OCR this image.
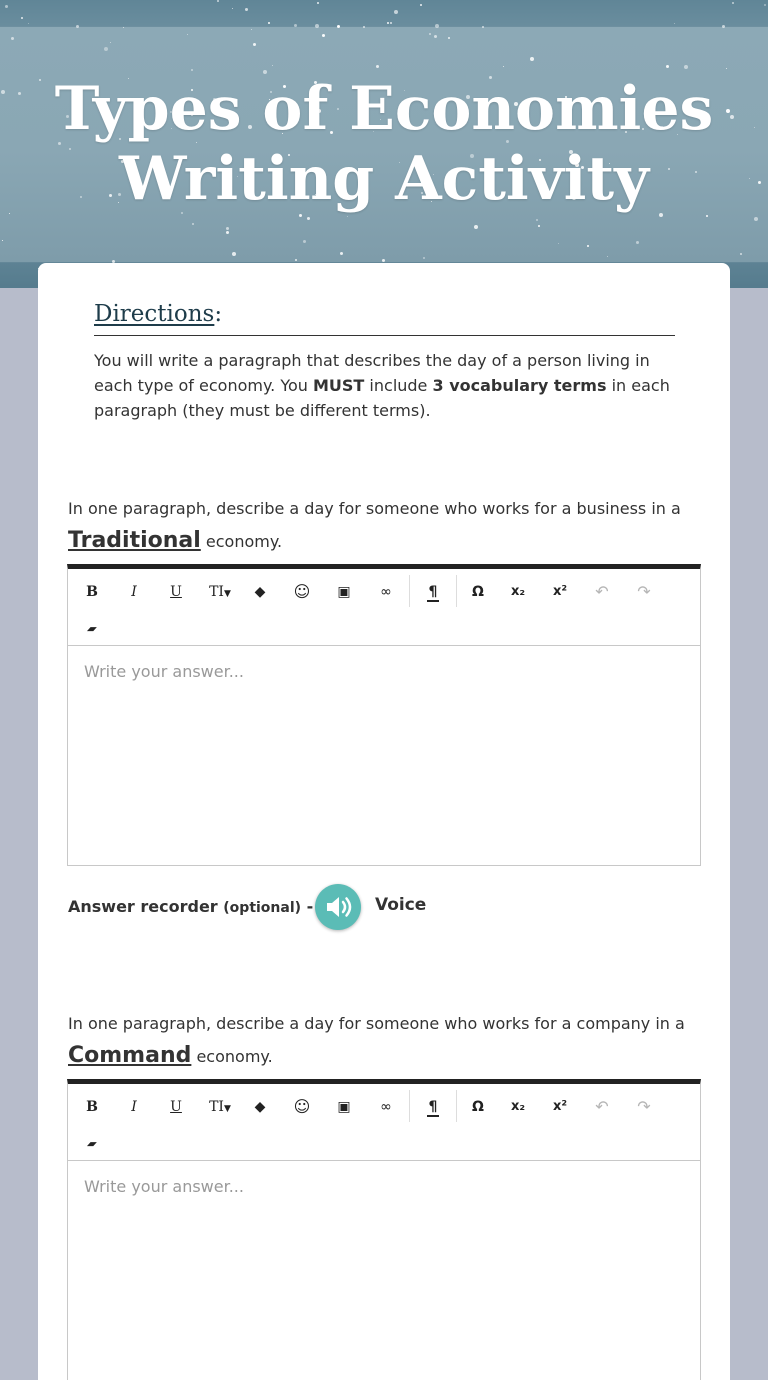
Types of Economies Writing Activity
Directions:

You will write a paragraph that describes the day of a person living in each type of economy. You MUST include 3 vocabulary terms in each paragraph (they must be different terms).

In one paragraph, describe a day for someone who works for a business in a
Traditional economy.

B	I	U	TI▼	◆	☺	▣	∞	¶	Ω	x₂	x²	↶	↷
▰
Write your answer...
Answer recorder (optional) -	Voice

In one paragraph, describe a day for someone who works for a company in a
Command economy.

B	I	U	TI▼	◆	☺	▣	∞	¶	Ω	x₂	x²	↶	↷
▰
Write your answer...
